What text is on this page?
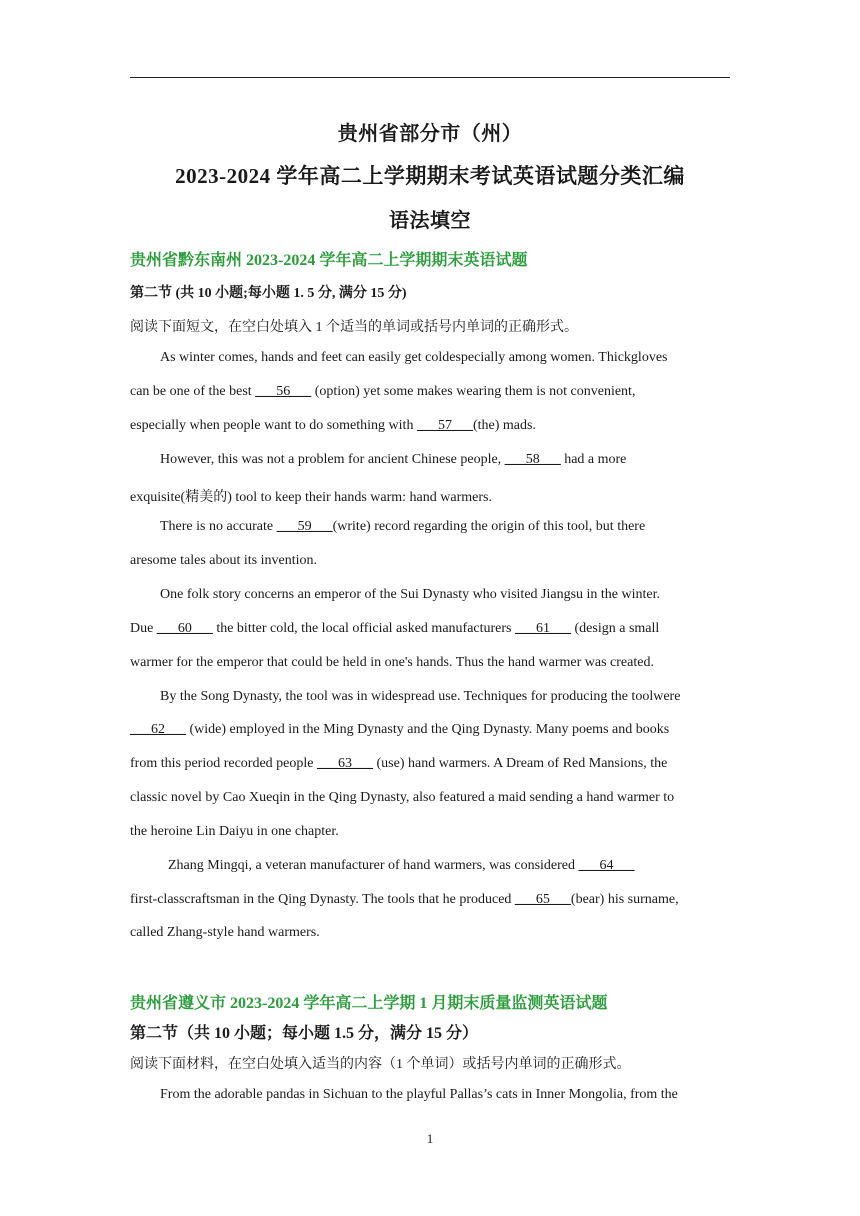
贵州省部分市（州）
2023-2024 学年高二上学期期末考试英语试题分类汇编
语法填空
贵州省黔东南州 2023-2024 学年高二上学期期末英语试题
第二节 (共 10 小题;每小题 1. 5 分, 满分 15 分)
阅读下面短文，在空白处填入 1 个适当的单词或括号内单词的正确形式。
As winter comes, hands and feet can easily get coldespecially among women. Thickgloves
can be one of the best ___56___ (option) yet some makes wearing them is not convenient,
especially when people want to do something with ___57___(the) mads.
However, this was not a problem for ancient Chinese people, ___58___ had a more
exquisite(精美的) tool to keep their hands warm: hand warmers.
There is no accurate ___59___(write) record regarding the origin of this tool, but there
aresome tales about its invention.
One folk story concerns an emperor of the Sui Dynasty who visited Jiangsu in the winter.
Due ___60___ the bitter cold, the local official asked manufacturers ___61___ (design a small
warmer for the emperor that could be held in one's hands. Thus the hand warmer was created.
By the Song Dynasty, the tool was in widespread use. Techniques for producing the toolwere
___62___ (wide) employed in the Ming Dynasty and the Qing Dynasty. Many poems and books
from this period recorded people ___63___ (use) hand warmers. A Dream of Red Mansions, the
classic novel by Cao Xueqin in the Qing Dynasty, also featured a maid sending a hand warmer to
the heroine Lin Daiyu in one chapter.
Zhang Mingqi, a veteran manufacturer of hand warmers, was considered ___64___
first-classcraftsman in the Qing Dynasty. The tools that he produced ___65___(bear) his surname,
called Zhang-style hand warmers.
贵州省遵义市 2023-2024 学年高二上学期 1 月期末质量监测英语试题
第二节（共 10 小题；每小题 1.5 分，满分 15 分）
阅读下面材料，在空白处填入适当的内容（1 个单词）或括号内单词的正确形式。
From the adorable pandas in Sichuan to the playful Pallas’s cats in Inner Mongolia, from the
1
